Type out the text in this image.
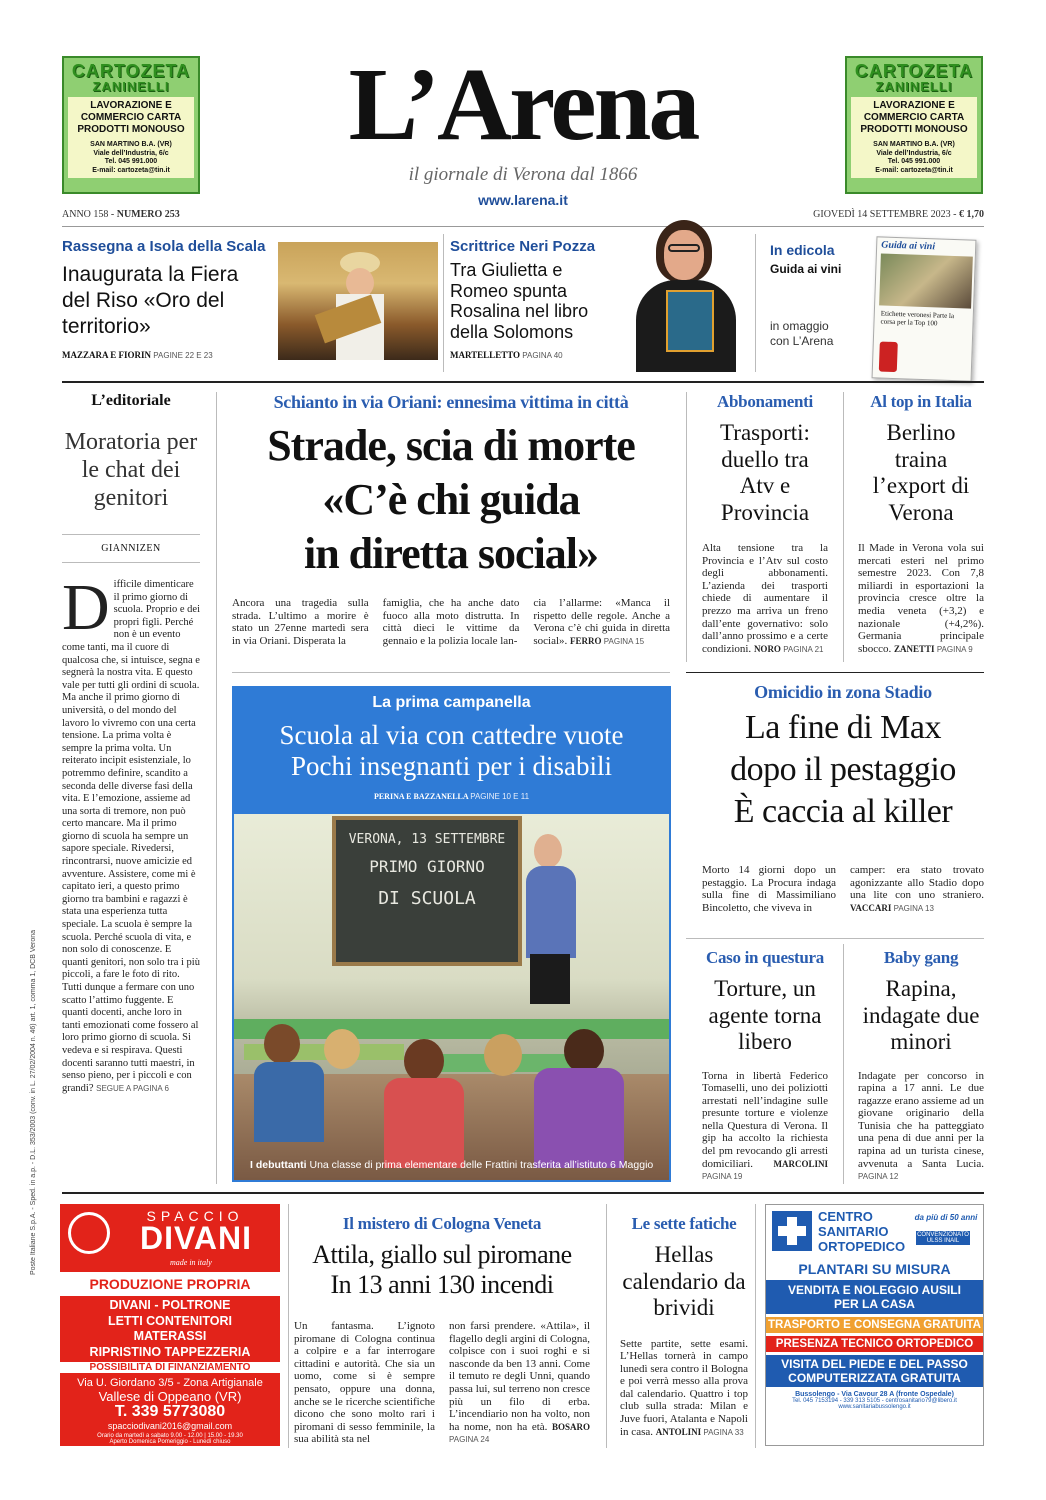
CARTOZETA
ZANINELLI
LAVORAZIONE E
COMMERCIO CARTA
PRODOTTI MONOUSO
SAN MARTINO B.A. (VR)
Viale dell’Industria, 6/c
Tel. 045 991.000
E-mail: cartozeta@tin.it
CARTOZETA
ZANINELLI
LAVORAZIONE E
COMMERCIO CARTA
PRODOTTI MONOUSO
SAN MARTINO B.A. (VR)
Viale dell’Industria, 6/c
Tel. 045 991.000
E-mail: cartozeta@tin.it
L’Arena
il giornale di Verona dal 1866
www.larena.it
ANNO 158 - NUMERO 253	GIOVEDÌ 14 SETTEMBRE 2023 - € 1,70
Rassegna a Isola della Scala
Inaugurata la Fiera del Riso «Oro del territorio»
MAZZARA E FIORIN PAGINE 22 E 23
Scrittrice Neri Pozza
Tra Giulietta e Romeo spunta Rosalina nel libro della Solomons
MARTELLETTO PAGINA 40
In edicola
Guida ai vini
in omaggio con L’Arena
Guida ai vini
Etichette veronesi Parte la corsa per la Top 100
L’editoriale
Moratoria per le chat dei genitori
GIANNIZEN
Difficile dimenticare il primo giorno di scuola. Proprio e dei propri figli. Perché non è un evento come tanti, ma il cuore di qualcosa che, si intuisce, segna e segnerà la nostra vita. E questo vale per tutti gli ordini di scuola. Ma anche il primo giorno di università, o del mondo del lavoro lo vivremo con una certa tensione. La prima volta è sempre la prima volta. Un reiterato incipit esistenziale, lo potremmo definire, scandito a seconda delle diverse fasi della vita. E l’emozione, assieme ad una sorta di tremore, non può certo mancare. Ma il primo giorno di scuola ha sempre un sapore speciale. Rivedersi, rincontrarsi, nuove amicizie ed avventure. Assistere, come mi è capitato ieri, a questo primo giorno tra bambini e ragazzi è stata una esperienza tutta speciale. La scuola è sempre la scuola. Perché scuola di vita, e non solo di conoscenze. E quanti genitori, non solo tra i più piccoli, a fare le foto di rito. Tutti dunque a fermare con uno scatto l’attimo fuggente. E quanti docenti, anche loro in tanti emozionati come fossero al loro primo giorno di scuola. Si vedeva e si respirava. Questi docenti saranno tutti maestri, in senso pieno, per i piccoli e con grandi? SEGUE A PAGINA 6
Poste Italiane S.p.A. - Sped. in a.p. - D.L. 353/2003 (conv. in L. 27/02/2004 n. 46) art. 1, comma 1, DCB Verona
Schianto in via Oriani: ennesima vittima in città
Strade, scia di morte
«C’è chi guida
in diretta social»
Ancora una tragedia sulla strada. L’ultimo a morire è stato un 27enne martedì sera in via Oriani. Disperata la
famiglia, che ha anche dato fuoco alla moto distrutta. In città dieci le vittime da gennaio e la polizia locale lan-
cia l’allarme: «Manca il rispetto delle regole. Anche a Verona c’è chi guida in diretta social». FERRO PAGINA 15
Abbonamenti
Trasporti: duello tra Atv e Provincia
Alta tensione tra la Provincia e l’Atv sul costo degli abbonamenti. L’azienda dei trasporti chiede di aumentare il prezzo ma arriva un freno dall’ente governativo: solo dall’anno prossimo e a certe condizioni. NORO PAGINA 21
Al top in Italia
Berlino traina l’export di Verona
Il Made in Verona vola sui mercati esteri nel primo semestre 2023. Con 7,8 miliardi in esportazioni la provincia cresce oltre la media veneta (+3,2) e nazionale (+4,2%). Germania principale sbocco. ZANETTI PAGINA 9
La prima campanella
Scuola al via con cattedre vuote
Pochi insegnanti per i disabili
PERINA E BAZZANELLA PAGINE 10 E 11
VERONA, 13 SETTEMBRE
PRIMO GIORNO
DI SCUOLA
I debuttanti Una classe di prima elementare delle Frattini trasferita all’istituto 6 Maggio
Omicidio in zona Stadio
La fine di Max
dopo il pestaggio
È caccia al killer
Morto 14 giorni dopo un pestaggio. La Procura indaga sulla fine di Massimiliano Bincoletto, che viveva in
camper: era stato trovato agonizzante allo Stadio dopo una lite con uno straniero. VACCARI PAGINA 13
Caso in questura
Torture, un agente torna libero
Torna in libertà Federico Tomaselli, uno dei poliziotti arrestati nell’indagine sulle presunte torture e violenze nella Questura di Verona. Il gip ha accolto la richiesta del pm revocando gli arresti domiciliari. MARCOLINI PAGINA 19
Baby gang
Rapina, indagate due minori
Indagate per concorso in rapina a 17 anni. Le due ragazze erano assieme ad un giovane originario della Tunisia che ha patteggiato una pena di due anni per la rapina ad un turista cinese, avvenuta a Santa Lucia. PAGINA 12
SPACCIO
DIVANI
made in italy
PRODUZIONE PROPRIA
DIVANI - POLTRONE
LETTI CONTENITORI
MATERASSI
RIPRISTINO TAPPEZZERIA
POSSIBILITÀ DI FINANZIAMENTO
Via U. Giordano 3/5 - Zona Artigianale
Vallese di Oppeano (VR)
T. 339 5773080
spacciodivani2016@gmail.com
Orario da martedì a sabato 9.00 - 12.00 | 15.00 - 19.30
Aperto Domenica Pomeriggio - Lunedì chiuso
Il mistero di Cologna Veneta
Attila, giallo sul piromane
In 13 anni 130 incendi
Un fantasma. L’ignoto piromane di Cologna continua a colpire e a far interrogare cittadini e autorità. Che sia un uomo, come si è sempre pensato, oppure una donna, anche se le ricerche scientifiche dicono che sono molto rari i piromani di sesso femminile, la sua abilità sta nel
non farsi prendere. «Attila», il flagello degli argini di Cologna, colpisce con i suoi roghi e si nasconde da ben 13 anni. Come il temuto re degli Unni, quando passa lui, sul terreno non cresce più un filo di erba. L’incendiario non ha volto, non ha nome, non ha età. BOSARO PAGINA 24
Le sette fatiche
Hellas calendario da brividi
Sette partite, sette esami. L’Hellas tornerà in campo lunedì sera contro il Bologna e poi verrà messo alla prova dal calendario. Quattro i top club sulla strada: Milan e Juve fuori, Atalanta e Napoli in casa. ANTOLINI PAGINA 33
CENTRO
SANITARIO
ORTOPEDICO
da più di 50 anni
CONVENZIONATO ULSS INAIL
PLANTARI SU MISURA
VENDITA E NOLEGGIO AUSILI PER LA CASA
TRASPORTO E CONSEGNA GRATUITA
PRESENZA TECNICO ORTOPEDICO
VISITA DEL PIEDE E DEL PASSO COMPUTERIZZATA GRATUITA
Bussolengo - Via Cavour 28 A (fronte Ospedale)
Tel. 045 7153194 - 339 313 5105 - centrosanitario79@libero.it
www.sanitariabussolengo.it
